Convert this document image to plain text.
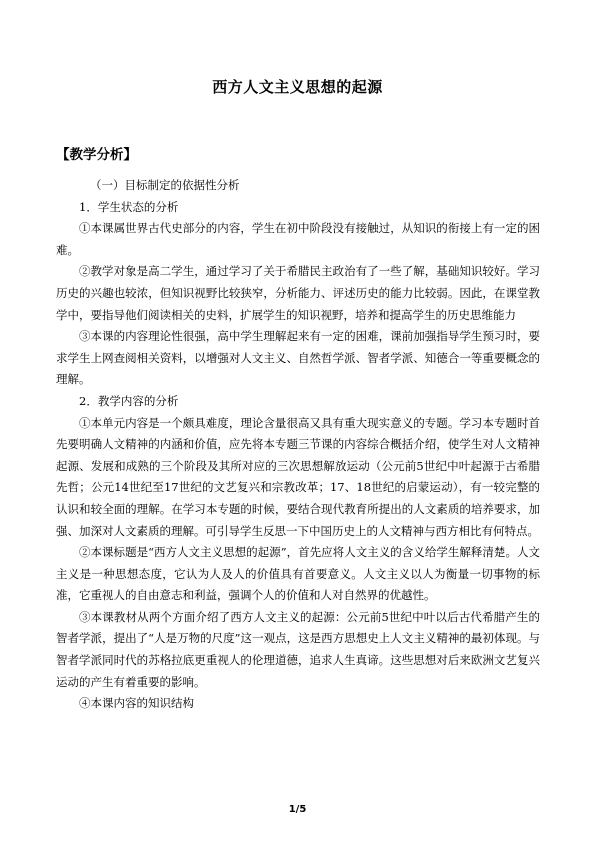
西方人文主义思想的起源
【教学分析】

（一）目标制定的依据性分析

1．学生状态的分析

①本课属世界古代史部分的内容，学生在初中阶段没有接触过，从知识的衔接上有一定的困难。

②教学对象是高二学生，通过学习了关于希腊民主政治有了一些了解，基础知识较好。学习历史的兴趣也较浓，但知识视野比较狭窄，分析能力、评述历史的能力比较弱。因此，在课堂教学中，要指导他们阅读相关的史料，扩展学生的知识视野，培养和提高学生的历史思维能力

③本课的内容理论性很强，高中学生理解起来有一定的困难，课前加强指导学生预习时，要求学生上网查阅相关资料，以增强对人文主义、自然哲学派、智者学派、知德合一等重要概念的理解。

2．教学内容的分析

①本单元内容是一个颇具难度，理论含量很高又具有重大现实意义的专题。学习本专题时首先要明确人文精神的内涵和价值，应先将本专题三节课的内容综合概括介绍，使学生对人文精神起源、发展和成熟的三个阶段及其所对应的三次思想解放运动（公元前5世纪中叶起源于古希腊先哲；公元14世纪至17世纪的文艺复兴和宗教改革；17、18世纪的启蒙运动），有一较完整的认识和较全面的理解。在学习本专题的时候，要结合现代教育所提出的人文素质的培养要求，加强、加深对人文素质的理解。可引导学生反思一下中国历史上的人文精神与西方相比有何特点。

②本课标题是“西方人文主义思想的起源”，首先应将人文主义的含义给学生解释清楚。人文主义是一种思想态度，它认为人及人的价值具有首要意义。人文主义以人为衡量一切事物的标准，它重视人的自由意志和利益，强调个人的价值和人对自然界的优越性。

③本课教材从两个方面介绍了西方人文主义的起源：公元前5世纪中叶以后古代希腊产生的智者学派，提出了“人是万物的尺度”这一观点，这是西方思想史上人文主义精神的最初体现。与智者学派同时代的苏格拉底更重视人的伦理道德，追求人生真谛。这些思想对后来欧洲文艺复兴运动的产生有着重要的影响。

④本课内容的知识结构

1/5
